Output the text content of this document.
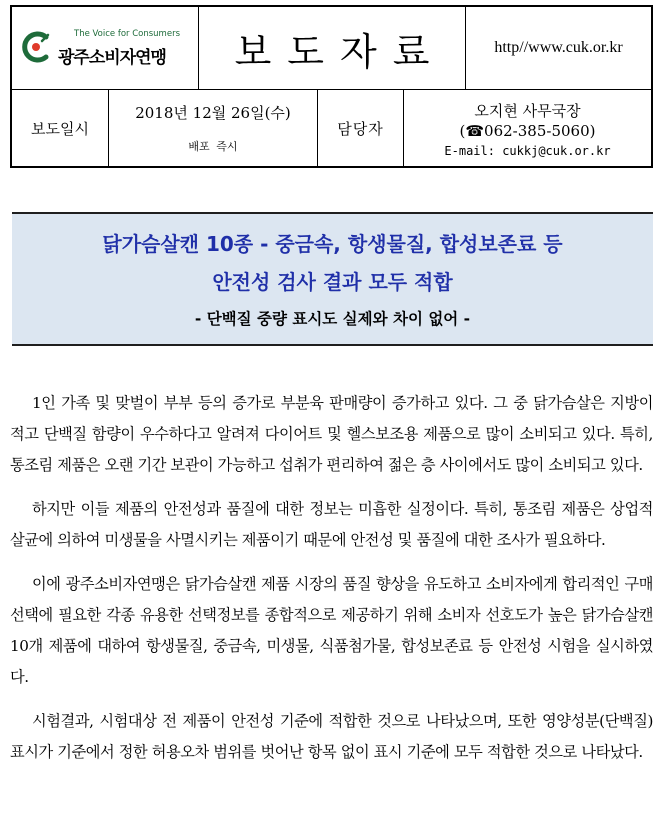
The Voice for Consumers
광주소비자연맹	보도자료	http//www.cuk.or.kr
보도일시
2018년 12월 26일(수)
배포 즉시
담당자
오지현 사무국장
(☎062-385-5060)
E-mail: cukkj@cuk.or.kr
닭가슴살캔 10종 - 중금속, 항생물질, 합성보존료 등
안전성 검사 결과 모두 적합
- 단백질 중량 표시도 실제와 차이 없어 -

1인 가족 및 맞벌이 부부 등의 증가로 부분육 판매량이 증가하고 있다. 그 중 닭가슴살은 지방이 적고 단백질 함량이 우수하다고 알려져 다이어트 및 헬스보조용 제품으로 많이 소비되고 있다. 특히, 통조림 제품은 오랜 기간 보관이 가능하고 섭취가 편리하여 젊은 층 사이에서도 많이 소비되고 있다.

하지만 이들 제품의 안전성과 품질에 대한 정보는 미흡한 실정이다. 특히, 통조림 제품은 상업적 살균에 의하여 미생물을 사멸시키는 제품이기 때문에 안전성 및 품질에 대한 조사가 필요하다.

이에 광주소비자연맹은 닭가슴살캔 제품 시장의 품질 향상을 유도하고 소비자에게 합리적인 구매 선택에 필요한 각종 유용한 선택정보를 종합적으로 제공하기 위해 소비자 선호도가 높은 닭가슴살캔 10개 제품에 대하여 항생물질, 중금속, 미생물, 식품첨가물, 합성보존료 등 안전성 시험을 실시하였다.

시험결과, 시험대상 전 제품이 안전성 기준에 적합한 것으로 나타났으며, 또한 영양성분(단백질) 표시가 기준에서 정한 허용오차 범위를 벗어난 항목 없이 표시 기준에 모두 적합한 것으로 나타났다.
